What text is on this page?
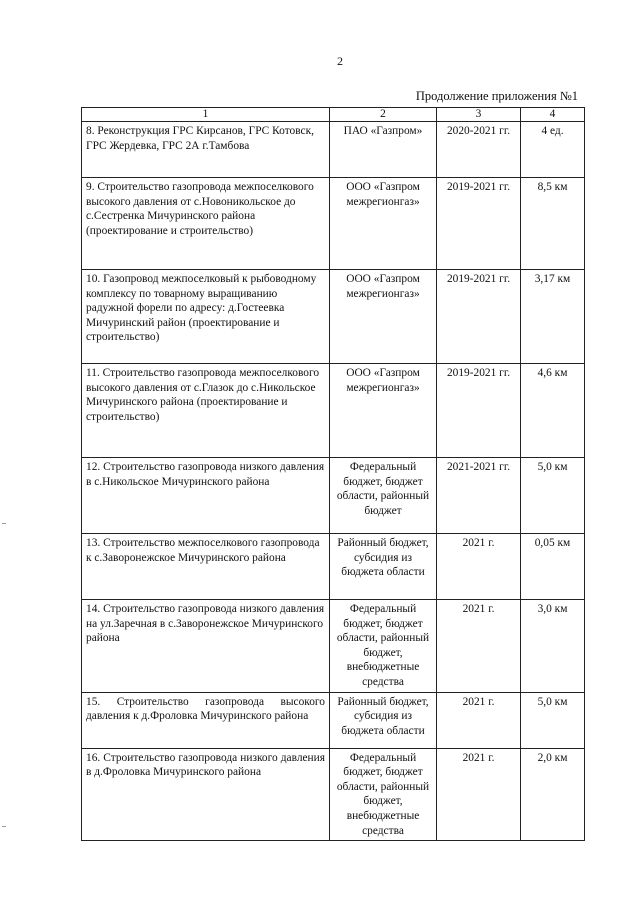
2
Продолжение приложения №1
1	2	3	4
8. Реконструкция ГРС Кирсанов, ГРС Котовск, ГРС Жердевка, ГРС 2А г.Тамбова	ПАО «Газпром»	2020-2021 гг.	4 ед.
9. Строительство газопровода межпоселкового высокого давления от с.Новоникольское до с.Сестренка Мичуринского района (проектирование и строительство)	ООО «Газпром межрегионгаз»	2019-2021 гг.	8,5 км
10. Газопровод межпоселковый к рыбоводному комплексу по товарному выращиванию радужной форели по адресу: д.Гостеевка Мичуринский район (проектирование и строительство)	ООО «Газпром межрегионгаз»	2019-2021 гг.	3,17 км
11. Строительство газопровода межпоселкового высокого давления от с.Глазок до с.Никольское Мичуринского района (проектирование и строительство)	ООО «Газпром межрегионгаз»	2019-2021 гг.	4,6 км
12. Строительство газопровода низкого давления в с.Никольское Мичуринского района	Федеральный бюджет, бюджет области, районный бюджет	2021-2021 гг.	5,0 км
13. Строительство межпоселкового газопровода к с.Заворонежское Мичуринского района	Районный бюджет, субсидия из бюджета области	2021 г.	0,05 км
14. Строительство газопровода низкого давления на ул.Заречная в с.Заворонежское Мичуринского района	Федеральный бюджет, бюджет области, районный бюджет, внебюджетные средства	2021 г.	3,0 км
15. Строительство газопровода высокого давления к д.Фроловка Мичуринского района	Районный бюджет, субсидия из бюджета области	2021 г.	5,0 км
16. Строительство газопровода низкого давления в д.Фроловка Мичуринского района	Федеральный бюджет, бюджет области, районный бюджет, внебюджетные средства	2021 г.	2,0 км
